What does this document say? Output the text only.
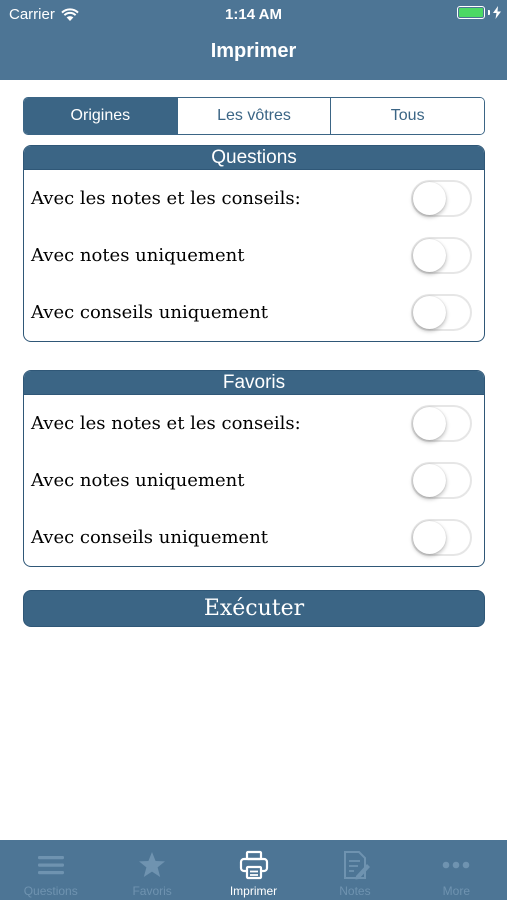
Carrier	1:14 AM
Imprimer
Origines	Les vôtres	Tous
Questions
Avec les notes et les conseils:
Avec notes uniquement
Avec conseils uniquement
Favoris
Avec les notes et les conseils:
Avec notes uniquement
Avec conseils uniquement
Exécuter
Questions	Favoris	Imprimer	Notes	More
